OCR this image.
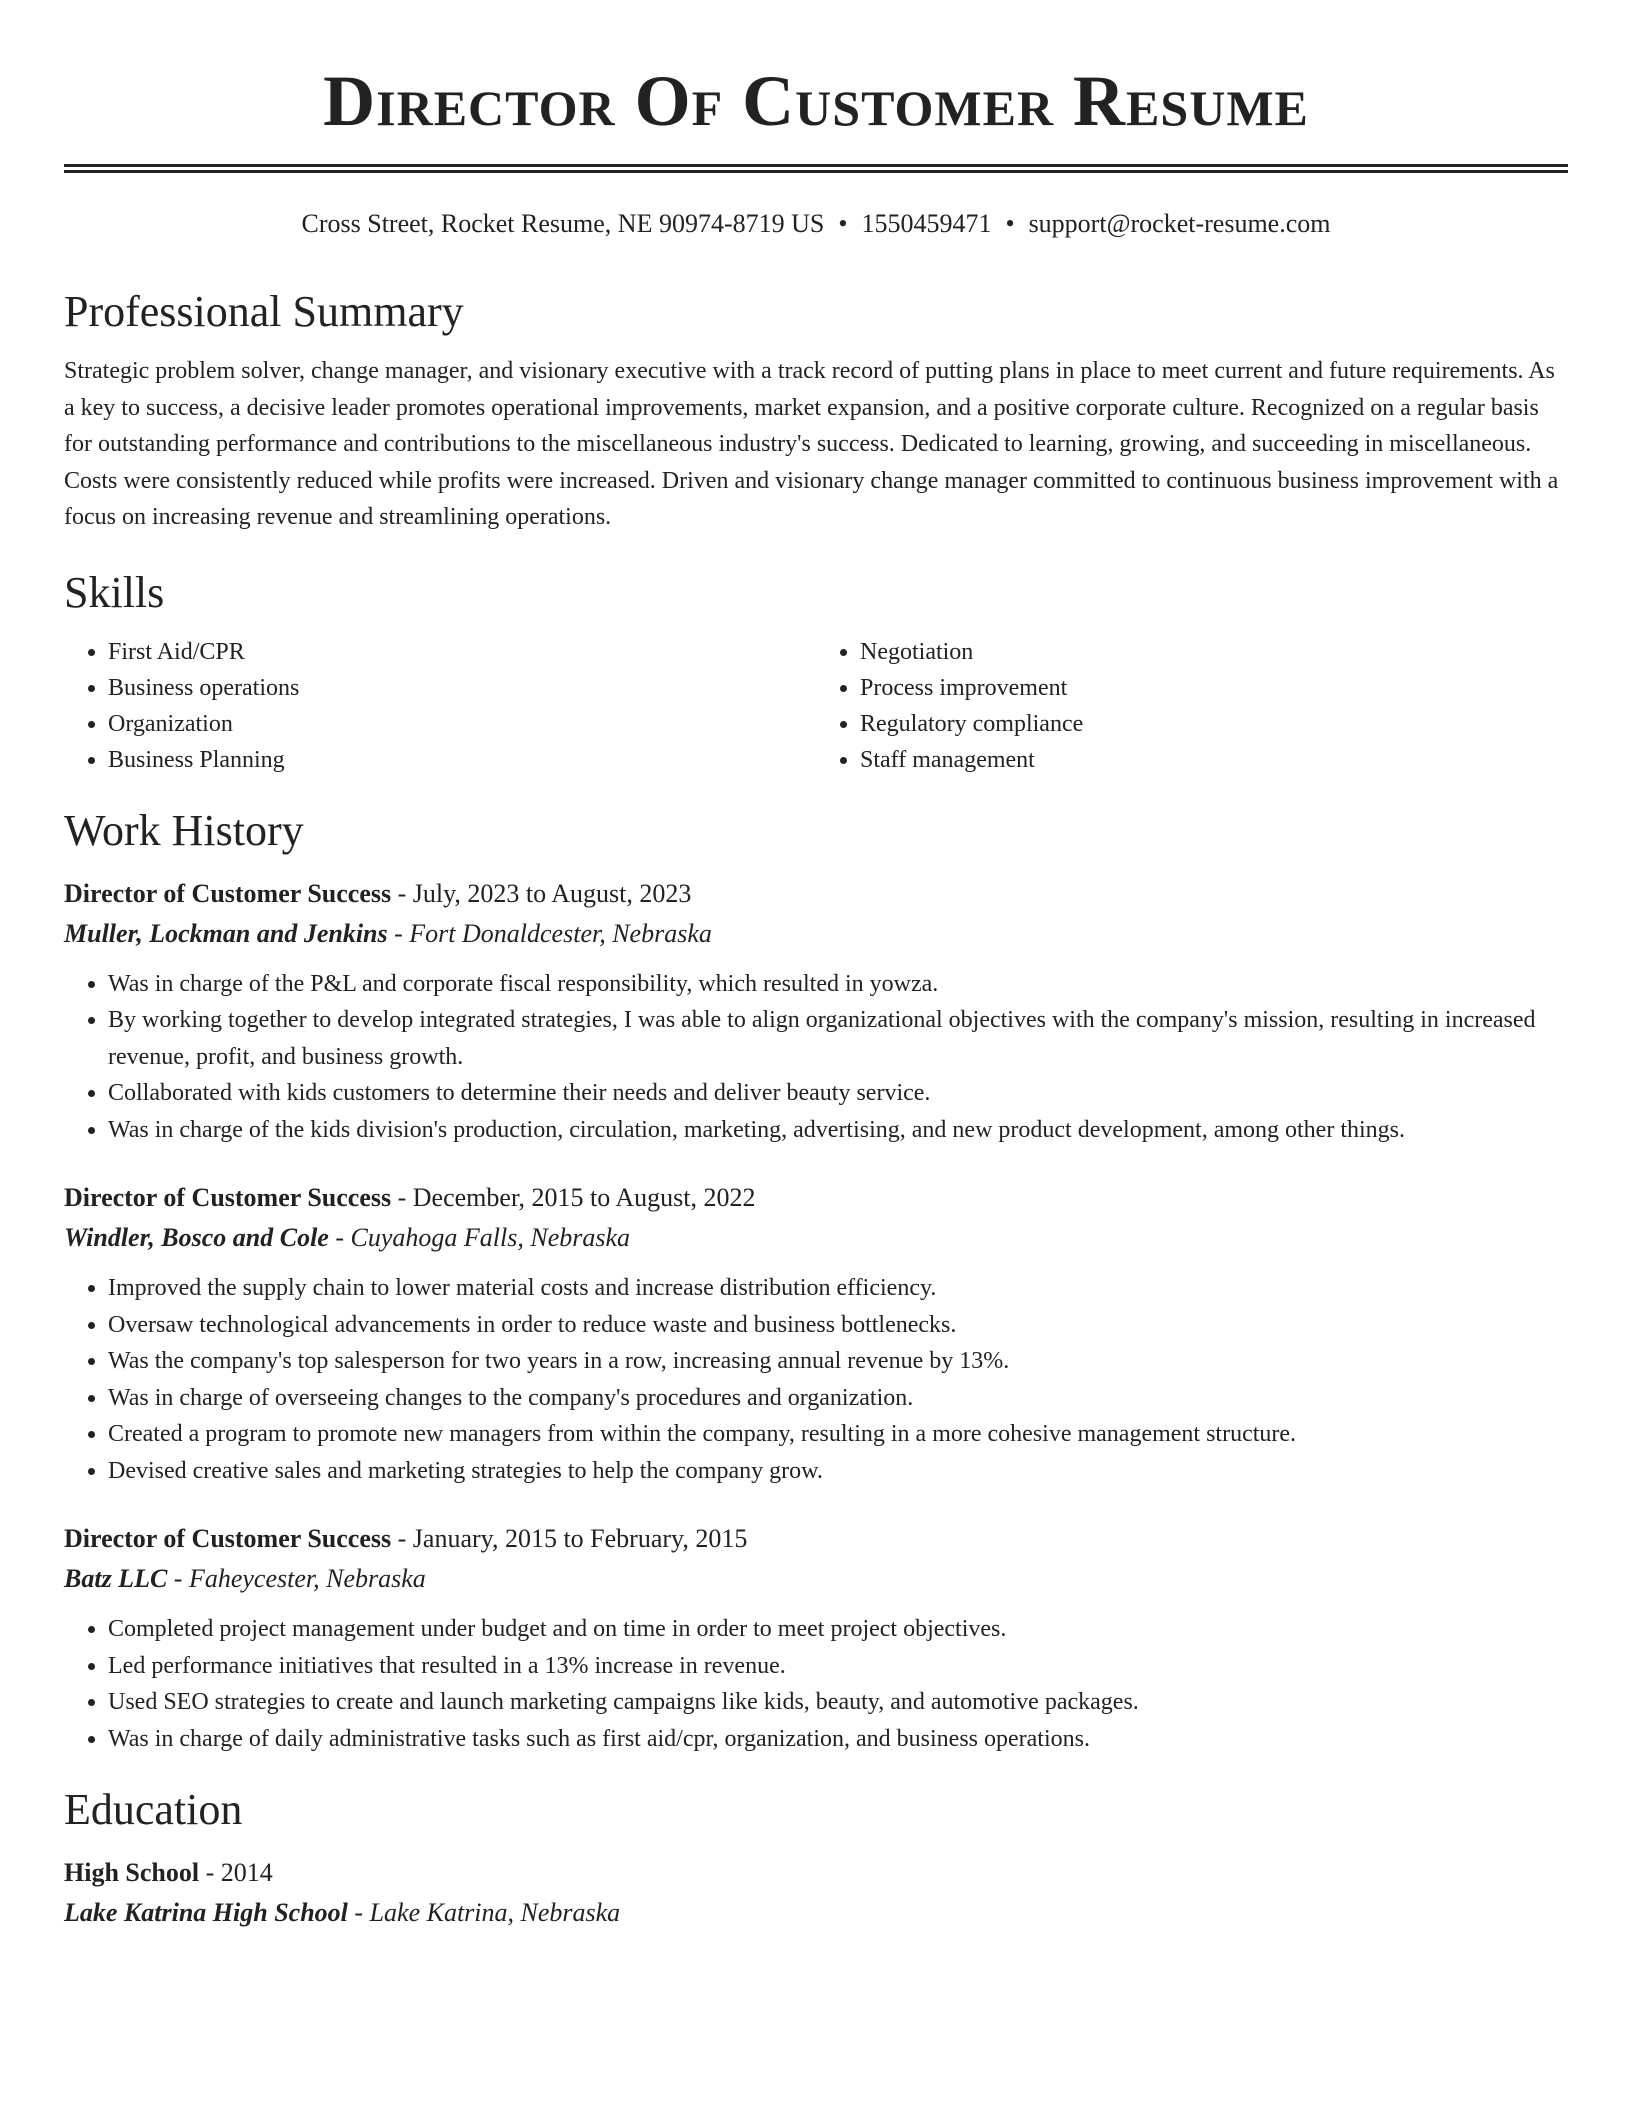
Director Of Customer Resume
Cross Street, Rocket Resume, NE 90974-8719 US • 1550459471 • support@rocket-resume.com
Professional Summary

Strategic problem solver, change manager, and visionary executive with a track record of putting plans in place to meet current and future requirements. As a key to success, a decisive leader promotes operational improvements, market expansion, and a positive corporate culture. Recognized on a regular basis for outstanding performance and contributions to the miscellaneous industry's success. Dedicated to learning, growing, and succeeding in miscellaneous. Costs were consistently reduced while profits were increased. Driven and visionary change manager committed to continuous business improvement with a focus on increasing revenue and streamlining operations.

Skills
• First Aid/CPR
• Business operations
• Organization
• Business Planning
• Negotiation
• Process improvement
• Regulatory compliance
• Staff management
Work History
Director of Customer Success - July, 2023 to August, 2023
Muller, Lockman and Jenkins - Fort Donaldcester, Nebraska
• Was in charge of the P&L and corporate fiscal responsibility, which resulted in yowza.
• By working together to develop integrated strategies, I was able to align organizational objectives with the company's mission, resulting in increased revenue, profit, and business growth.
• Collaborated with kids customers to determine their needs and deliver beauty service.
• Was in charge of the kids division's production, circulation, marketing, advertising, and new product development, among other things.
Director of Customer Success - December, 2015 to August, 2022
Windler, Bosco and Cole - Cuyahoga Falls, Nebraska
• Improved the supply chain to lower material costs and increase distribution efficiency.
• Oversaw technological advancements in order to reduce waste and business bottlenecks.
• Was the company's top salesperson for two years in a row, increasing annual revenue by 13%.
• Was in charge of overseeing changes to the company's procedures and organization.
• Created a program to promote new managers from within the company, resulting in a more cohesive management structure.
• Devised creative sales and marketing strategies to help the company grow.
Director of Customer Success - January, 2015 to February, 2015
Batz LLC - Faheycester, Nebraska
• Completed project management under budget and on time in order to meet project objectives.
• Led performance initiatives that resulted in a 13% increase in revenue.
• Used SEO strategies to create and launch marketing campaigns like kids, beauty, and automotive packages.
• Was in charge of daily administrative tasks such as first aid/cpr, organization, and business operations.
Education
High School - 2014
Lake Katrina High School - Lake Katrina, Nebraska
